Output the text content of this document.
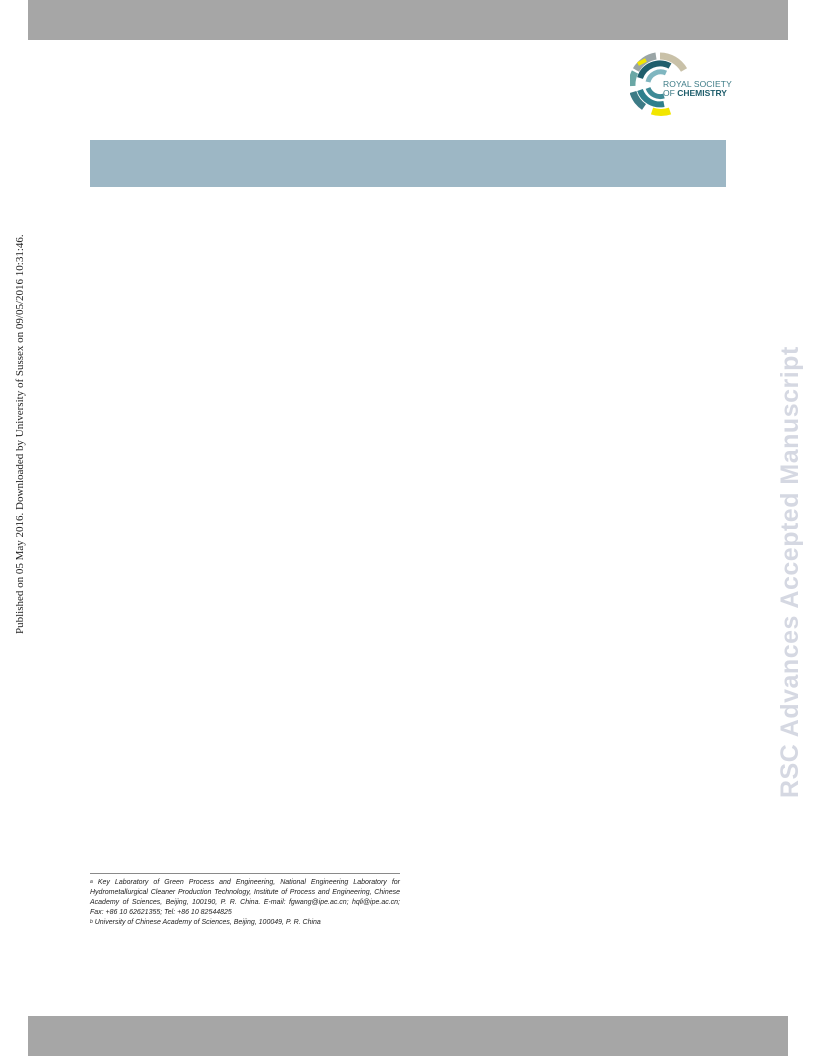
ROYAL SOCIETY
OF CHEMISTRY
Published on 05 May 2016. Downloaded by University of Sussex on 09/05/2016 10:31:46.	RSC Advances Accepted Manuscript

$^a$ Key Laboratory of Green Process and Engineering, National Engineering Laboratory for Hydrometallurgical Cleaner Production Technology, Institute of Process and Engineering, Chinese Academy of Sciences, Beijing, 100190, P. R. China. E-mail: fgwang@ipe.ac.cn; hqli@ipe.ac.cn; Fax: +86 10 62621355; Tel: +86 10 82544825

$^b$ University of Chinese Academy of Sciences, Beijing, 100049, P. R. China
